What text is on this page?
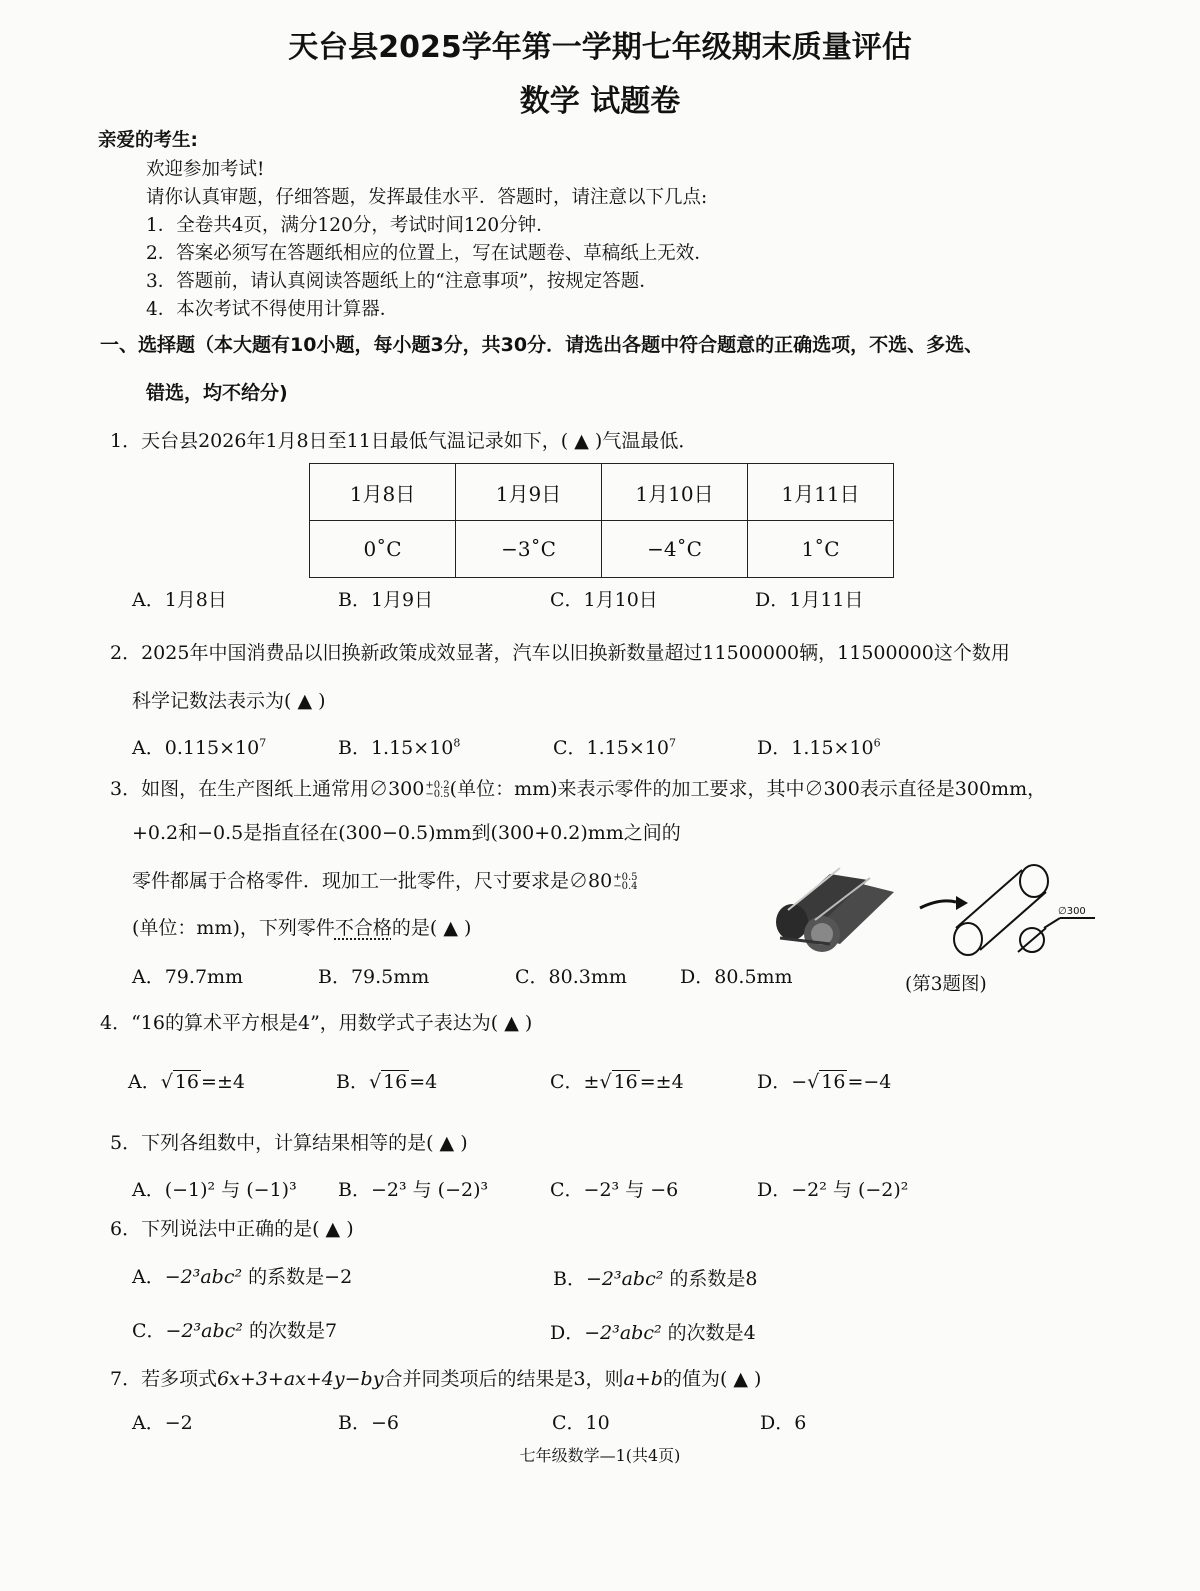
天台县2025学年第一学期七年级期末质量评估
数学 试题卷
亲爱的考生:
欢迎参加考试!
请你认真审题，仔细答题，发挥最佳水平．答题时，请注意以下几点:
1．全卷共4页，满分120分，考试时间120分钟．
2．答案必须写在答题纸相应的位置上，写在试题卷、草稿纸上无效．
3．答题前，请认真阅读答题纸上的“注意事项”，按规定答题．
4．本次考试不得使用计算器．
一、选择题（本大题有10小题，每小题3分，共30分．请选出各题中符合题意的正确选项，不选、多选、
错选，均不给分)
1．天台县2026年1月8日至11日最低气温记录如下，( ▲ )气温最低．
1月8日	1月9日	1月10日	1月11日
0˚C	−3˚C	−4˚C	1˚C
A．1月8日	B．1月9日	C．1月10日	D．1月11日
2．2025年中国消费品以旧换新政策成效显著，汽车以旧换新数量超过11500000辆，11500000这个数用
科学记数法表示为( ▲ )
A．$0.115\times 10^7$	B．$1.15\times 10^8$	C．$1.15\times 10^7$	D．$1.15\times 10^6$
3．如图，在生产图纸上通常用∅300 +0.2
−0.5 (单位：mm)来表示零件的加工要求，其中∅300表示直径是300mm，
+0.2和−0.5是指直径在(300−0.5)mm到(300+0.2)mm之间的
零件都属于合格零件．现加工一批零件，尺寸要求是∅80 +0.5
−0.4
(单位：mm)，下列零件不合格的是( ▲ )
A．79.7mm	B．79.5mm	C．80.3mm	D．80.5mm
∅300
(第3题图)
4．“16的算术平方根是4”，用数学式子表达为( ▲ )
A．√ 16 =±4	B．√ 16 =4	C．±√ 16 =±4	D．−√ 16 =−4
5．下列各组数中，计算结果相等的是( ▲ )
A．(−1)² 与 (−1)³ B．−2³ 与 (−2)³	C．−2³ 与 −6	D．−2² 与 (−2)²
6．下列说法中正确的是( ▲ )
A．−2³abc² 的系数是−2	B．−2³abc² 的系数是8
C．−2³abc² 的次数是7	D．−2³abc² 的次数是4
7．若多项式6x+3+ax+4y−by合并同类项后的结果是3，则a+b的值为( ▲ )
A．−2	B．−6	C．10	D．6
七年级数学—1(共4页)
